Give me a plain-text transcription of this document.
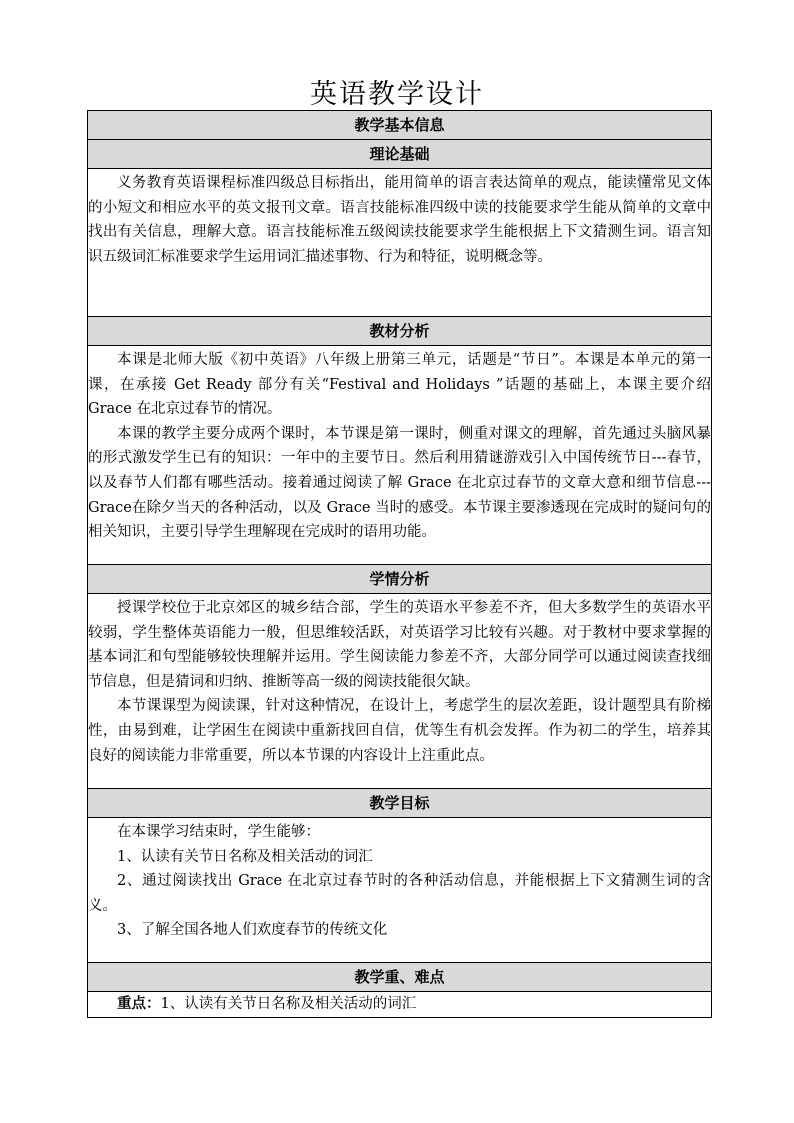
英语教学设计
教学基本信息
理论基础

义务教育英语课程标准四级总目标指出，能用简单的语言表达简单的观点，能读懂常见文体的小短文和相应水平的英文报刊文章。语言技能标准四级中读的技能要求学生能从简单的文章中找出有关信息，理解大意。语言技能标准五级阅读技能要求学生能根据上下文猜测生词。语言知识五级词汇标准要求学生运用词汇描述事物、行为和特征，说明概念等。

教材分析

本课是北师大版《初中英语》八年级上册第三单元，话题是“节日”。本课是本单元的第一课，在承接 Get Ready 部分有关“Festival and Holidays ”话题的基础上，本课主要介绍 Grace 在北京过春节的情况。

本课的教学主要分成两个课时，本节课是第一课时，侧重对课文的理解，首先通过头脑风暴的形式激发学生已有的知识：一年中的主要节日。然后利用猜谜游戏引入中国传统节日---春节，以及春节人们都有哪些活动。接着通过阅读了解 Grace 在北京过春节的文章大意和细节信息---Grace在除夕当天的各种活动，以及 Grace 当时的感受。本节课主要渗透现在完成时的疑问句的相关知识，主要引导学生理解现在完成时的语用功能。

学情分析

授课学校位于北京郊区的城乡结合部，学生的英语水平参差不齐，但大多数学生的英语水平较弱，学生整体英语能力一般，但思维较活跃，对英语学习比较有兴趣。对于教材中要求掌握的基本词汇和句型能够较快理解并运用。学生阅读能力参差不齐，大部分同学可以通过阅读查找细节信息，但是猜词和归纳、推断等高一级的阅读技能很欠缺。

本节课课型为阅读课，针对这种情况，在设计上，考虑学生的层次差距，设计题型具有阶梯性，由易到难，让学困生在阅读中重新找回自信，优等生有机会发挥。作为初二的学生，培养其良好的阅读能力非常重要，所以本节课的内容设计上注重此点。

教学目标

在本课学习结束时，学生能够：

1、认读有关节日名称及相关活动的词汇

2、通过阅读找出 Grace 在北京过春节时的各种活动信息，并能根据上下文猜测生词的含义。

3、了解全国各地人们欢度春节的传统文化

教学重、难点

重点：1、认读有关节日名称及相关活动的词汇
